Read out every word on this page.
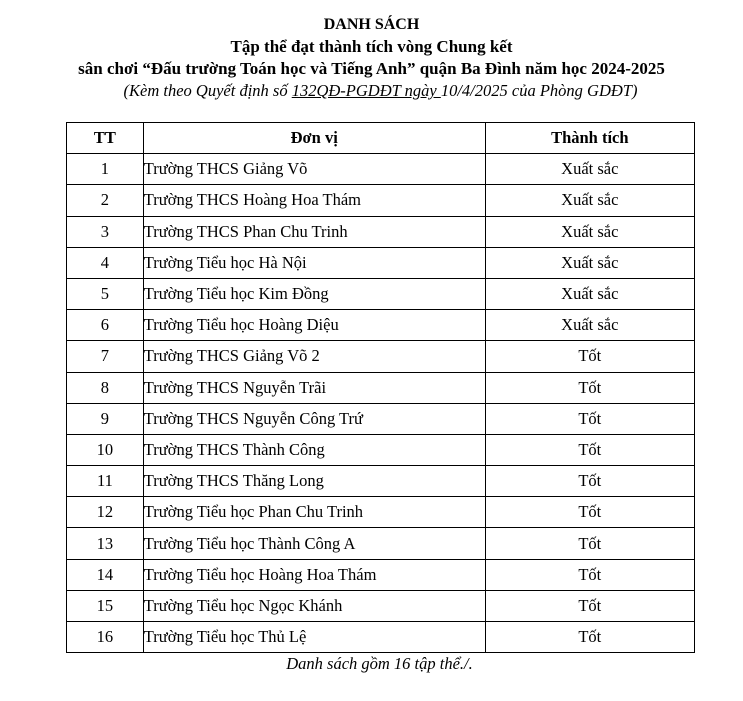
DANH SÁCH
Tập thể đạt thành tích vòng Chung kết
sân chơi “Đấu trường Toán học và Tiếng Anh” quận Ba Đình năm học 2024-2025
(Kèm theo Quyết định số 132QĐ-PGDĐT ngày 10/4/2025 của Phòng GDĐT)
TT	Đơn vị	Thành tích
1	Trường THCS Giảng Võ	Xuất sắc
2	Trường THCS Hoàng Hoa Thám	Xuất sắc
3	Trường THCS Phan Chu Trinh	Xuất sắc
4	Trường Tiểu học Hà Nội	Xuất sắc
5	Trường Tiểu học Kim Đồng	Xuất sắc
6	Trường Tiểu học Hoàng Diệu	Xuất sắc
7	Trường THCS Giảng Võ 2	Tốt
8	Trường THCS Nguyễn Trãi	Tốt
9	Trường THCS Nguyễn Công Trứ	Tốt
10	Trường THCS Thành Công	Tốt
11	Trường THCS Thăng Long	Tốt
12	Trường Tiểu học Phan Chu Trinh	Tốt
13	Trường Tiểu học Thành Công A	Tốt
14	Trường Tiểu học Hoàng Hoa Thám	Tốt
15	Trường Tiểu học Ngọc Khánh	Tốt
16	Trường Tiểu học Thủ Lệ	Tốt
Danh sách gồm 16 tập thể./.
